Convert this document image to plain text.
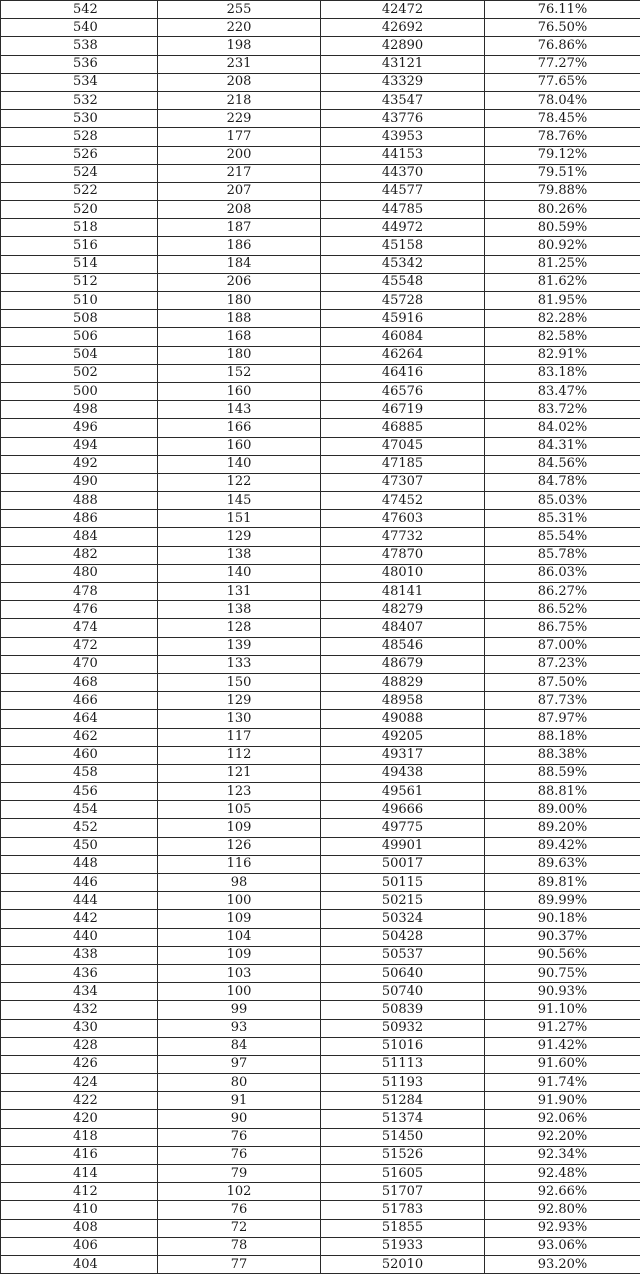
542	255	42472	76.11%
540	220	42692	76.50%
538	198	42890	76.86%
536	231	43121	77.27%
534	208	43329	77.65%
532	218	43547	78.04%
530	229	43776	78.45%
528	177	43953	78.76%
526	200	44153	79.12%
524	217	44370	79.51%
522	207	44577	79.88%
520	208	44785	80.26%
518	187	44972	80.59%
516	186	45158	80.92%
514	184	45342	81.25%
512	206	45548	81.62%
510	180	45728	81.95%
508	188	45916	82.28%
506	168	46084	82.58%
504	180	46264	82.91%
502	152	46416	83.18%
500	160	46576	83.47%
498	143	46719	83.72%
496	166	46885	84.02%
494	160	47045	84.31%
492	140	47185	84.56%
490	122	47307	84.78%
488	145	47452	85.03%
486	151	47603	85.31%
484	129	47732	85.54%
482	138	47870	85.78%
480	140	48010	86.03%
478	131	48141	86.27%
476	138	48279	86.52%
474	128	48407	86.75%
472	139	48546	87.00%
470	133	48679	87.23%
468	150	48829	87.50%
466	129	48958	87.73%
464	130	49088	87.97%
462	117	49205	88.18%
460	112	49317	88.38%
458	121	49438	88.59%
456	123	49561	88.81%
454	105	49666	89.00%
452	109	49775	89.20%
450	126	49901	89.42%
448	116	50017	89.63%
446	98	50115	89.81%
444	100	50215	89.99%
442	109	50324	90.18%
440	104	50428	90.37%
438	109	50537	90.56%
436	103	50640	90.75%
434	100	50740	90.93%
432	99	50839	91.10%
430	93	50932	91.27%
428	84	51016	91.42%
426	97	51113	91.60%
424	80	51193	91.74%
422	91	51284	91.90%
420	90	51374	92.06%
418	76	51450	92.20%
416	76	51526	92.34%
414	79	51605	92.48%
412	102	51707	92.66%
410	76	51783	92.80%
408	72	51855	92.93%
406	78	51933	93.06%
404	77	52010	93.20%
